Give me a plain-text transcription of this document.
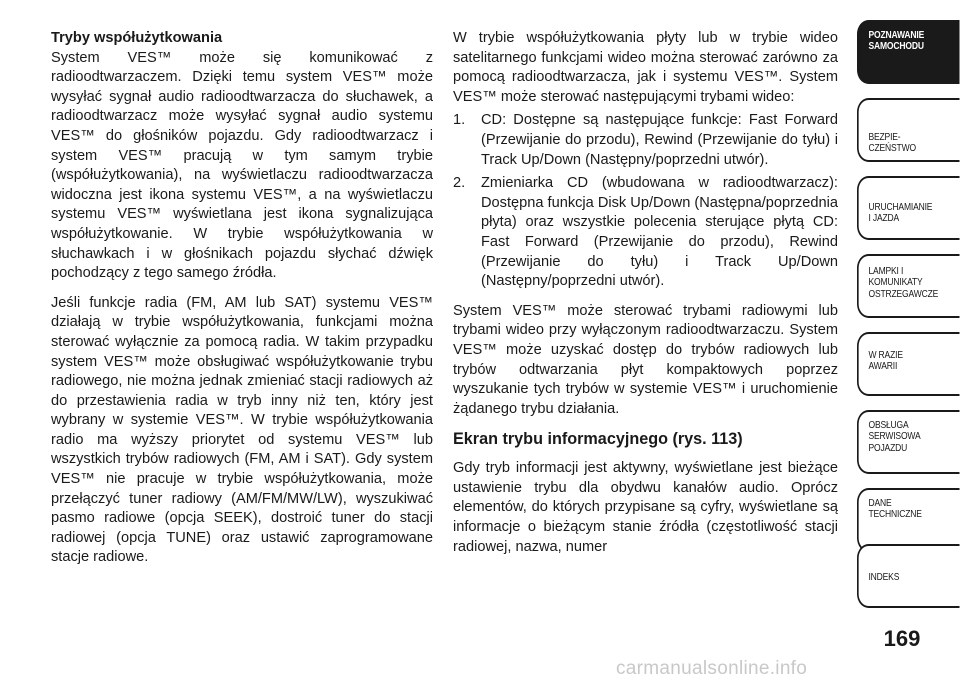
Tryby współużytkowania

System VES™ może się komunikować z radioodtwarzaczem. Dzięki temu system VES™ może wysyłać sygnał audio radioodtwarzacza do słuchawek, a radioodtwarzacz może wysyłać sygnał audio systemu VES™ do głośników pojazdu. Gdy radioodtwarzacz i system VES™ pracują w tym samym trybie (współużytkowania), na wyświetlaczu radioodtwarzacza widoczna jest ikona systemu VES™, a na wyświetlaczu systemu VES™ wyświetlana jest ikona sygnalizująca współużytkowanie. W trybie współużytkowania w słuchawkach i w głośnikach pojazdu słychać dźwięk pochodzący z tego samego źródła.

Jeśli funkcje radia (FM, AM lub SAT) systemu VES™ działają w trybie współużytkowania, funkcjami można sterować wyłącznie za pomocą radia. W takim przypadku system VES™ może obsługiwać współużytkowanie trybu radiowego, nie można jednak zmieniać stacji radiowych aż do przestawienia radia w tryb inny niż ten, który jest wybrany w systemie VES™. W trybie współużytkowania radio ma wyższy priorytet od systemu VES™ lub wszystkich trybów radiowych (FM, AM i SAT). Gdy system VES™ nie pracuje w trybie współużytkowania, może przełączyć tuner radiowy (AM/FM/MW/LW), wyszukiwać pasmo radiowe (opcja SEEK), dostroić tuner do stacji radiowej (opcja TUNE) oraz ustawić zaprogramowane stacje radiowe.

W trybie współużytkowania płyty lub w trybie wideo satelitarnego funkcjami wideo można sterować zarówno za pomocą radioodtwarzacza, jak i systemu VES™. System VES™ może sterować następującymi trybami wideo:

1. CD: Dostępne są następujące funkcje: Fast Forward (Przewijanie do przodu), Rewind (Przewijanie do tyłu) i Track Up/Down (Następny/poprzedni utwór).
2. Zmieniarka CD (wbudowana w radioodtwarzacz): Dostępna funkcja Disk Up/Down (Następna/poprzednia płyta) oraz wszystkie polecenia sterujące płytą CD: Fast Forward (Przewijanie do przodu), Rewind (Przewijanie do tyłu) i Track Up/Down (Następny/poprzedni utwór).

System VES™ może sterować trybami radiowymi lub trybami wideo przy wyłączonym radioodtwarzaczu. System VES™ może uzyskać dostęp do trybów radiowych lub trybów odtwarzania płyt kompaktowych poprzez wyszukanie tych trybów w systemie VES™ i uruchomienie żądanego trybu działania.

Ekran trybu informacyjnego (rys. 113)

Gdy tryb informacji jest aktywny, wyświetlane jest bieżące ustawienie trybu dla obydwu kanałów audio. Oprócz elementów, do których przypisane są cyfry, wyświetlane są informacje o bieżącym stanie źródła (częstotliwość stacji radiowej, nazwa, numer

POZNAWANIE
SAMOCHODU
BEZPIE-
CZEŃSTWO
URUCHAMIANIE
I JAZDA
LAMPKI I
KOMUNIKATY
OSTRZEGAWCZE
W RAZIE
AWARII
OBSŁUGA
SERWISOWA
POJAZDU
DANE
TECHNICZNE
INDEKS
169
carmanualsonline.info
